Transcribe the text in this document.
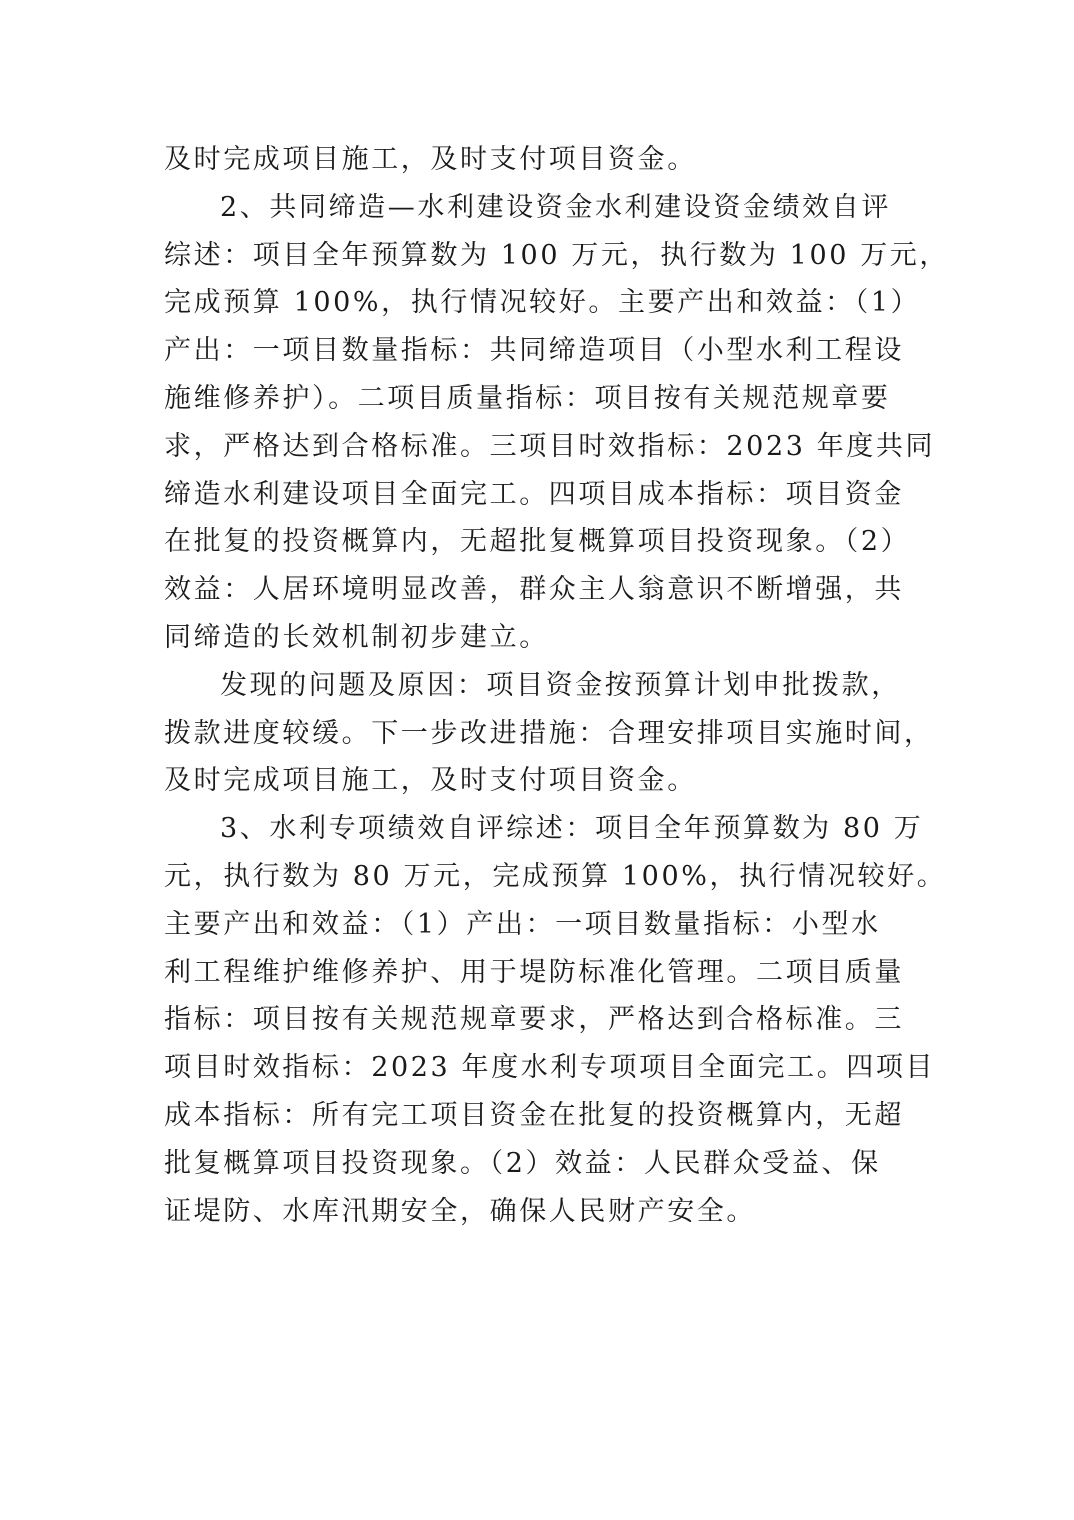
及时完成项目施工，及时支付项目资金。
2、共同缔造—水利建设资金水利建设资金绩效自评
综述：项目全年预算数为 100 万元，执行数为 100 万元，
完成预算 100%，执行情况较好。主要产出和效益：（1）
产出：一项目数量指标：共同缔造项目（小型水利工程设
施维修养护）。二项目质量指标：项目按有关规范规章要
求，严格达到合格标准。三项目时效指标：2023 年度共同
缔造水利建设项目全面完工。四项目成本指标：项目资金
在批复的投资概算内，无超批复概算项目投资现象。（2）
效益：人居环境明显改善，群众主人翁意识不断增强，共
同缔造的长效机制初步建立。
发现的问题及原因：项目资金按预算计划申批拨款，
拨款进度较缓。下一步改进措施：合理安排项目实施时间，
及时完成项目施工，及时支付项目资金。
3、水利专项绩效自评综述：项目全年预算数为 80 万
元，执行数为 80 万元，完成预算 100%，执行情况较好。
主要产出和效益：（1）产出：一项目数量指标：小型水
利工程维护维修养护、用于堤防标准化管理。二项目质量
指标：项目按有关规范规章要求，严格达到合格标准。三
项目时效指标：2023 年度水利专项项目全面完工。四项目
成本指标：所有完工项目资金在批复的投资概算内，无超
批复概算项目投资现象。（2）效益：人民群众受益、保
证堤防、水库汛期安全，确保人民财产安全。
